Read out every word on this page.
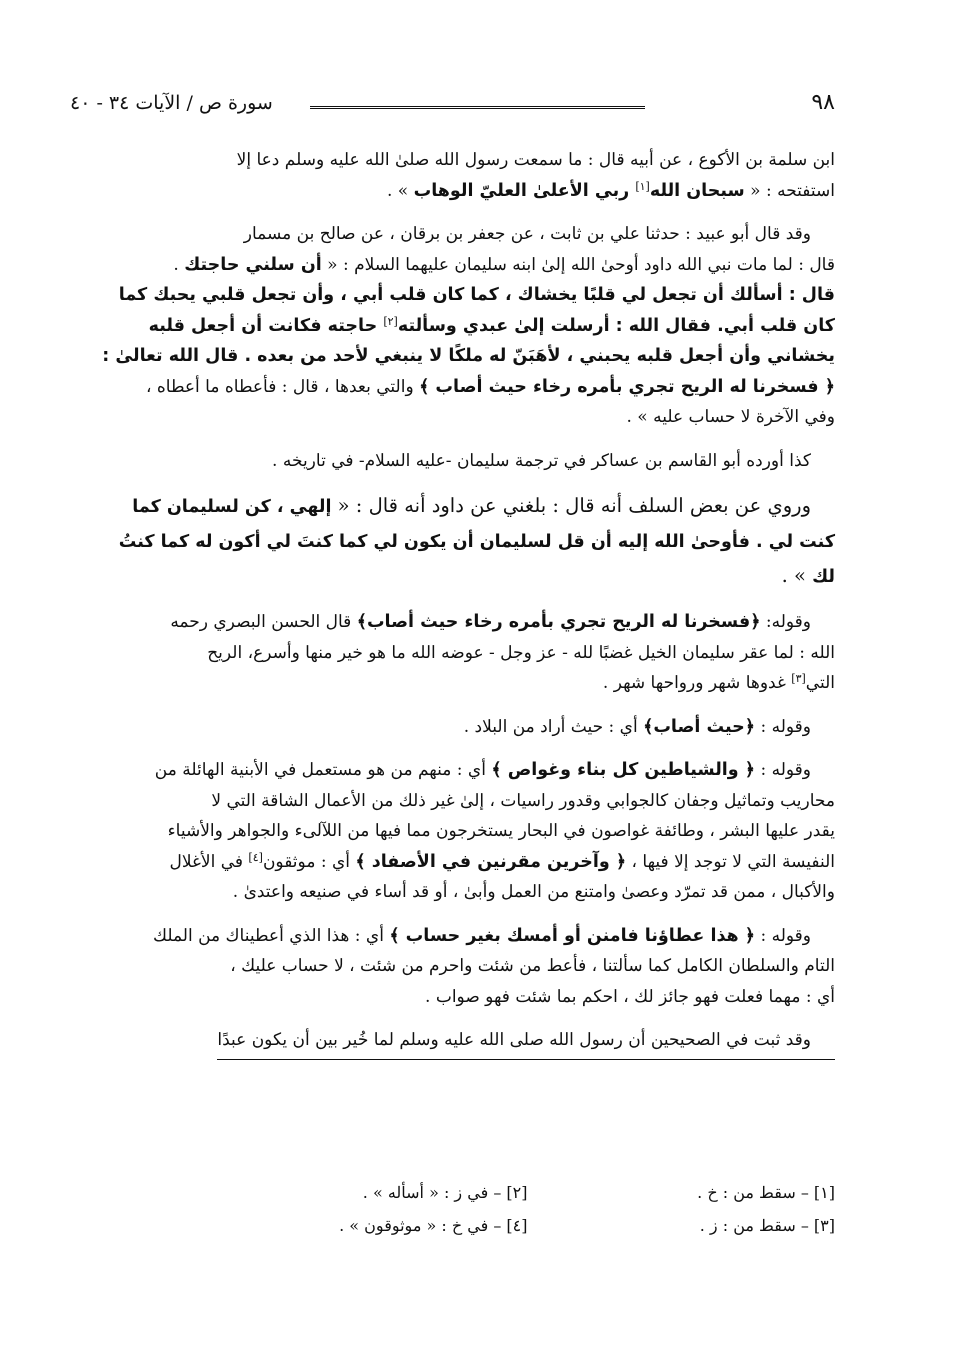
٩٨
سورة ص / الآيات ٣٤ - ٤٠
ابن سلمة بن الأكوع ، عن أبيه قال : ما سمعت رسول الله صلىٰ الله عليه وسلم دعا إلا
استفتحه : « سبحان الله[١] ربي الأعلىٰ العليّ الوهاب » .
وقد قال أبو عبيد : حدثنا علي بن ثابت ، عن جعفر بن برقان ، عن صالح بن مسمار
قال : لما مات نبي الله داود أوحىٰ الله إلىٰ ابنه سليمان عليهما السلام : « أن سلني حاجتك .
قال : أسألك أن تجعل لي قلبًا يخشاك ، كما كان قلب أبي ، وأن تجعل قلبي يحبك كما
كان قلب أبي. فقال الله : أرسلت إلىٰ عبدي وسألته[٢] حاجته فكانت أن أجعل قلبه
يخشاني وأن أجعل قلبه يحبني ، لأهَبَنّ له ملكًا لا ينبغي لأحد من بعده . قال الله تعالىٰ :
﴿ فسخرنا له الريح تجري بأمره رخاء حيث أصاب ﴾ والتي بعدها ، قال : فأعطاه ما أعطاه ،
وفي الآخرة لا حساب عليه » .
كذا أورده أبو القاسم بن عساكر في ترجمة سليمان -عليه السلام- في تاريخه .
وروي عن بعض السلف أنه قال : بلغني عن داود أنه قال : « إلهي ، كن لسليمان كما
كنت لي . فأوحىٰ الله إليه أن قل لسليمان أن يكون لي كما كنتَ لي أكون له كما كنتُ
لك » .
وقوله: ﴿فسخرنا له الريح تجري بأمره رخاء حيث أصاب﴾ قال الحسن البصري رحمه
الله : لما عقر سليمان الخيل غضبًا لله - عز وجل - عوضه الله ما هو خير منها وأسرع، الريح
التي[٣] غدوها شهر ورواحها شهر .
وقوله : ﴿حيث أصاب﴾ أي : حيث أراد من البلاد .
وقوله : ﴿ والشياطين كل بناء وغواص ﴾ أي : منهم من هو مستعمل في الأبنية الهائلة من
محاريب وتماثيل وجفان كالجوابي وقدور راسيات ، إلىٰ غير ذلك من الأعمال الشاقة التي لا
يقدر عليها البشر ، وطائفة غواصون في البحار يستخرجون مما فيها من اللآلىء والجواهر والأشياء
النفيسة التي لا توجد إلا فيها ، ﴿ وآخرين مقرنين في الأصفاد ﴾ أي : موثقون[٤] في الأغلال
والأكبال ، ممن قد تمرّد وعصىٰ وامتنع من العمل وأبىٰ ، أو قد أساء في صنيعه واعتدىٰ .
وقوله : ﴿ هذا عطاؤنا فامنن أو أمسك بغير حساب ﴾ أي : هذا الذي أعطيناك من الملك
التام والسلطان الكامل كما سألتنا ، فأعط من شئت واحرم من شئت ، لا حساب عليك ،
أي : مهما فعلت فهو جائز لك ، احكم بما شئت فهو صواب .
وقد ثبت في الصحيحين أن رسول الله صلى الله عليه وسلم لما خُير بين أن يكون عبدًا
[١] – سقط من : خ .
[٢] – في ز : « أسأله » .
[٣] – سقط من : ز .
[٤] – في خ : « موثوقون » .
